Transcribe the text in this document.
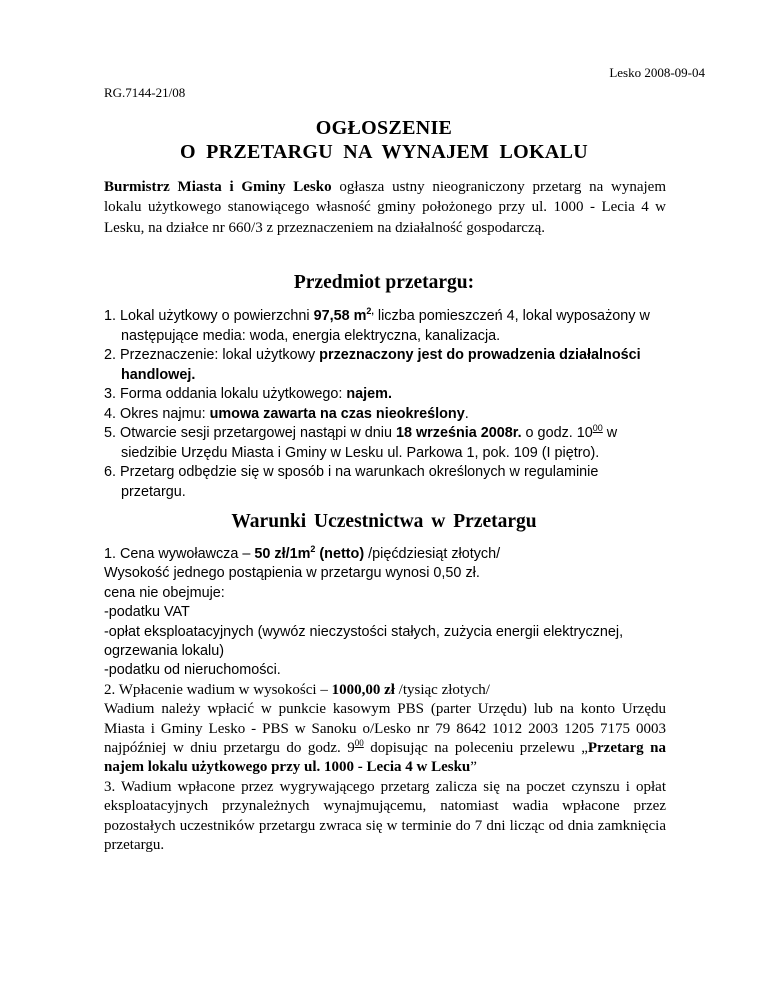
Lesko 2008-09-04
RG.7144-21/08
OGŁOSZENIE
O PRZETARGU NA WYNAJEM LOKALU
Burmistrz Miasta i Gminy Lesko ogłasza ustny nieograniczony przetarg na wynajem lokalu użytkowego stanowiącego własność gminy położonego przy ul. 1000 - Lecia 4 w Lesku, na działce nr 660/3 z przeznaczeniem na działalność gospodarczą.
Przedmiot przetargu:
1. Lokal użytkowy o powierzchni 97,58 $m^{2,}$ liczba pomieszczeń 4, lokal wyposażony w następujące media: woda, energia elektryczna, kanalizacja.
2. Przeznaczenie: lokal użytkowy przeznaczony jest do prowadzenia działalności handlowej.
3. Forma oddania lokalu użytkowego: najem.
4. Okres najmu: umowa zawarta na czas nieokreślony.
5. Otwarcie sesji przetargowej nastąpi w dniu 18 września 2008r. o godz. $10^{00}$ w siedzibie Urzędu Miasta i Gminy w Lesku ul. Parkowa 1, pok. 109 (I piętro).
6. Przetarg odbędzie się w sposób i na warunkach określonych w regulaminie przetargu.
Warunki Uczestnictwa w Przetargu
1. Cena wywoławcza – 50 $zł/1m^2$ (netto) /pięćdziesiąt złotych/
Wysokość jednego postąpienia w przetargu wynosi 0,50 zł.
cena nie obejmuje:
-podatku VAT
-opłat eksploatacyjnych (wywóz nieczystości stałych, zużycia energii elektrycznej, ogrzewania lokalu)
-podatku od nieruchomości.
2. Wpłacenie wadium w wysokości – 1000,00 zł /tysiąc złotych/
Wadium należy wpłacić w punkcie kasowym PBS (parter Urzędu) lub na konto Urzędu Miasta i Gminy Lesko - PBS w Sanoku o/Lesko nr 79 8642 1012 2003 1205 7175 0003 najpóźniej w dniu przetargu do godz. $9^{00}$ dopisując na poleceniu przelewu „Przetarg na najem lokalu użytkowego przy ul. 1000 - Lecia 4 w Lesku”
3. Wadium wpłacone przez wygrywającego przetarg zalicza się na poczet czynszu i opłat eksploatacyjnych przynależnych wynajmującemu, natomiast wadia wpłacone przez pozostałych uczestników przetargu zwraca się w terminie do 7 dni licząc od dnia zamknięcia przetargu.
